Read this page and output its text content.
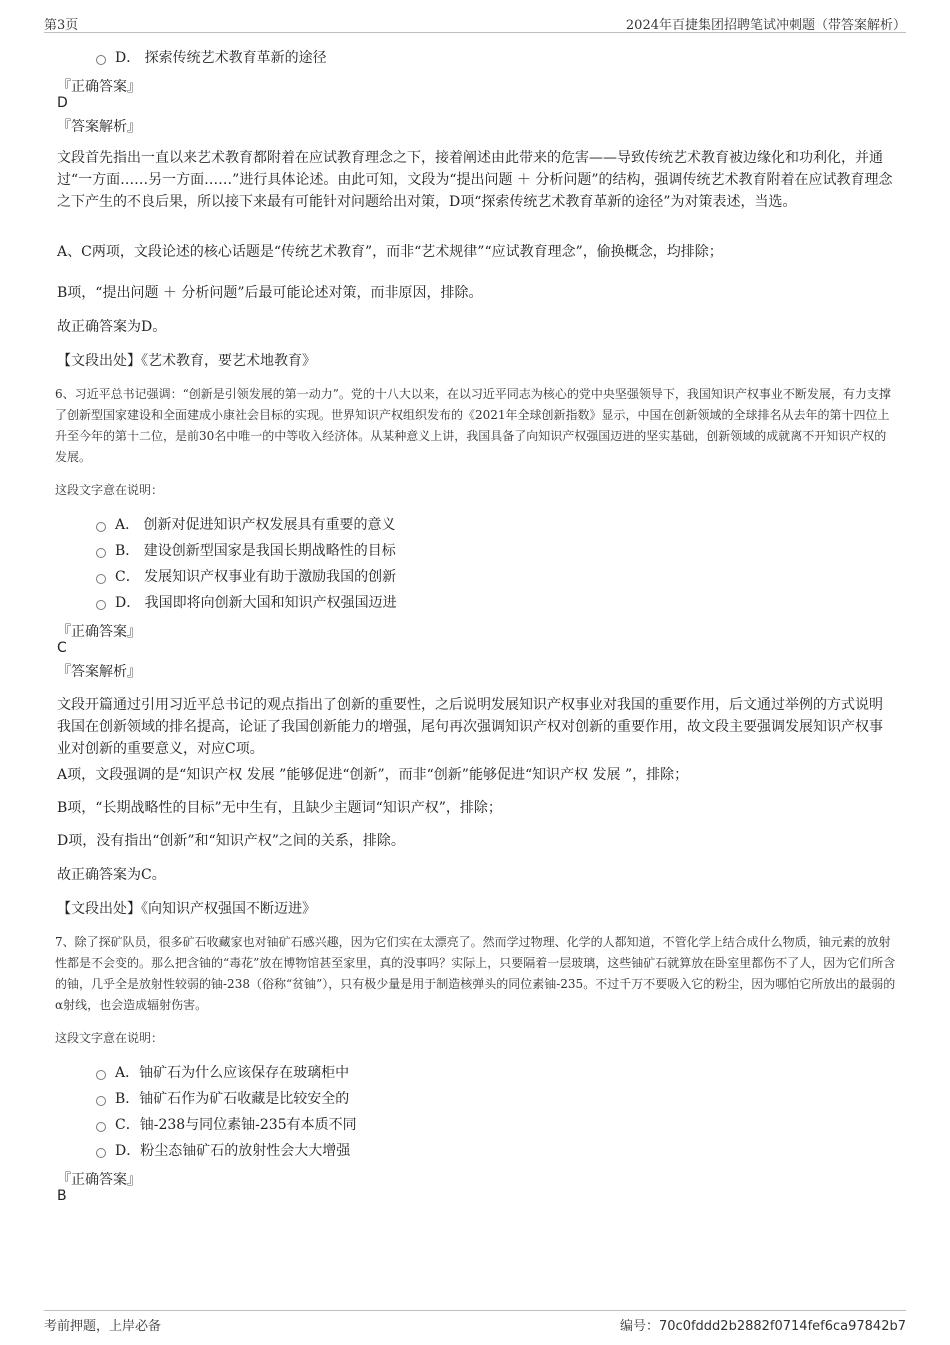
第3页	2024年百捷集团招聘笔试冲刺题（带答案解析）
D． 探索传统艺术教育革新的途径
『正确答案』
D
『答案解析』
文段首先指出一直以来艺术教育都附着在应试教育理念之下，接着阐述由此带来的危害——导致传统艺术教育被边缘化和功利化，并通过“一方面……另一方面……”进行具体论述。由此可知，文段为“提出问题 ＋ 分析问题”的结构，强调传统艺术教育附着在应试教育理念之下产生的不良后果，所以接下来最有可能针对问题给出对策，D项“探索传统艺术教育革新的途径”为对策表述，当选。
A、C两项，文段论述的核心话题是“传统艺术教育”，而非“艺术规律”“应试教育理念”，偷换概念，均排除；
B项，“提出问题 ＋ 分析问题”后最可能论述对策，而非原因，排除。
故正确答案为D。
【文段出处】《艺术教育，要艺术地教育》
6、习近平总书记强调：“创新是引领发展的第一动力”。党的十八大以来，在以习近平同志为核心的党中央坚强领导下，我国知识产权事业不断发展，有力支撑了创新型国家建设和全面建成小康社会目标的实现。世界知识产权组织发布的《2021年全球创新指数》显示，中国在创新领域的全球排名从去年的第十四位上升至今年的第十二位，是前30名中唯一的中等收入经济体。从某种意义上讲，我国具备了向知识产权强国迈进的坚实基础，创新领域的成就离不开知识产权的发展。
这段文字意在说明：
A． 创新对促进知识产权发展具有重要的意义
B． 建设创新型国家是我国长期战略性的目标
C． 发展知识产权事业有助于激励我国的创新
D． 我国即将向创新大国和知识产权强国迈进
『正确答案』
C
『答案解析』
文段开篇通过引用习近平总书记的观点指出了创新的重要性，之后说明发展知识产权事业对我国的重要作用，后文通过举例的方式说明我国在创新领域的排名提高，论证了我国创新能力的增强，尾句再次强调知识产权对创新的重要作用，故文段主要强调发展知识产权事业对创新的重要意义，对应C项。
A项，文段强调的是“知识产权 发展 ”能够促进“创新”，而非“创新”能够促进“知识产权 发展 ”，排除；
B项，“长期战略性的目标”无中生有，且缺少主题词“知识产权”，排除；
D项，没有指出“创新”和“知识产权”之间的关系，排除。
故正确答案为C。
【文段出处】《向知识产权强国不断迈进》
7、除了探矿队员，很多矿石收藏家也对铀矿石感兴趣，因为它们实在太漂亮了。然而学过物理、化学的人都知道，不管化学上结合成什么物质，铀元素的放射性都是不会变的。那么把含铀的“毒花”放在博物馆甚至家里，真的没事吗？实际上，只要隔着一层玻璃，这些铀矿石就算放在卧室里都伤不了人，因为它们所含的铀，几乎全是放射性较弱的铀-238（俗称“贫铀”），只有极少量是用于制造核弹头的同位素铀-235。不过千万不要吸入它的粉尘，因为哪怕它所放出的最弱的α射线，也会造成辐射伤害。
这段文字意在说明：
A．铀矿石为什么应该保存在玻璃柜中
B．铀矿石作为矿石收藏是比较安全的
C．铀-238与同位素铀-235有本质不同
D．粉尘态铀矿石的放射性会大大增强
『正确答案』
B
考前押题，上岸必备	编号：70c0fddd2b2882f0714fef6ca97842b7
